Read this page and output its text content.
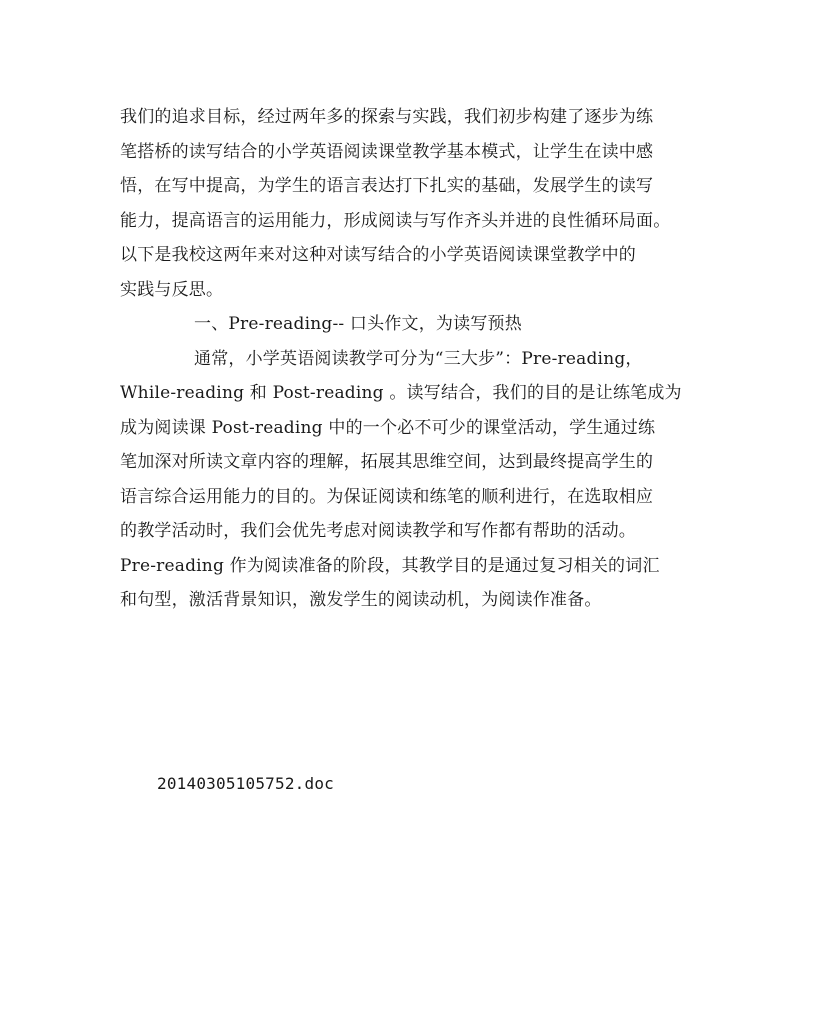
我们的追求目标，经过两年多的探索与实践，我们初步构建了逐步为练
笔搭桥的读写结合的小学英语阅读课堂教学基本模式，让学生在读中感
悟，在写中提高，为学生的语言表达打下扎实的基础，发展学生的读写
能力，提高语言的运用能力，形成阅读与写作齐头并进的良性循环局面。
以下是我校这两年来对这种对读写结合的小学英语阅读课堂教学中的
实践与反思。
一、Pre-reading-- 口头作文，为读写预热
通常，小学英语阅读教学可分为“三大步”：Pre-reading，
While-reading 和 Post-reading 。读写结合，我们的目的是让练笔成为
成为阅读课 Post-reading 中的一个必不可少的课堂活动，学生通过练
笔加深对所读文章内容的理解，拓展其思维空间，达到最终提高学生的
语言综合运用能力的目的。为保证阅读和练笔的顺利进行，在选取相应
的教学活动时，我们会优先考虑对阅读教学和写作都有帮助的活动。
Pre-reading 作为阅读准备的阶段，其教学目的是通过复习相关的词汇
和句型，激活背景知识，激发学生的阅读动机，为阅读作准备。
20140305105752.doc
